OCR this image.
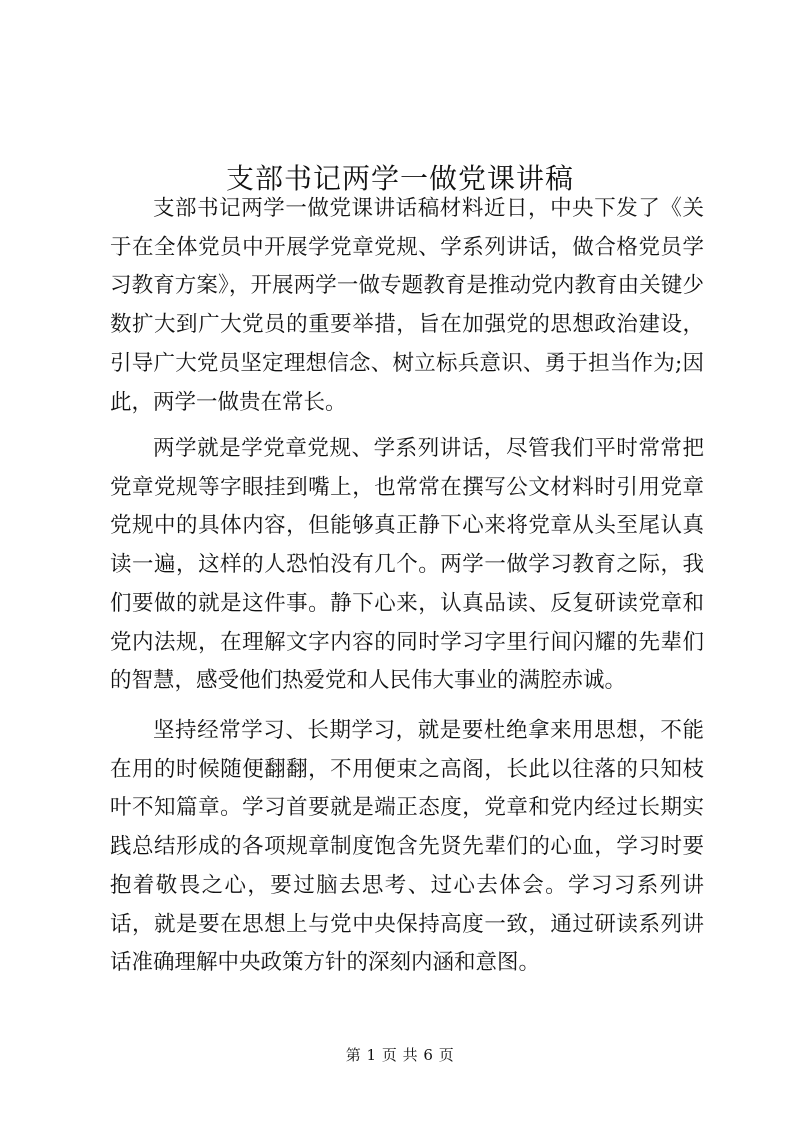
支部书记两学一做党课讲稿

支部书记两学一做党课讲话稿材料近日，中央下发了《关于在全体党员中开展学党章党规、学系列讲话，做合格党员学习教育方案》，开展两学一做专题教育是推动党内教育由关键少数扩大到广大党员的重要举措，旨在加强党的思想政治建设，引导广大党员坚定理想信念、树立标兵意识、勇于担当作为;因此，两学一做贵在常长。

两学就是学党章党规、学系列讲话，尽管我们平时常常把党章党规等字眼挂到嘴上，也常常在撰写公文材料时引用党章党规中的具体内容，但能够真正静下心来将党章从头至尾认真读一遍，这样的人恐怕没有几个。两学一做学习教育之际，我们要做的就是这件事。静下心来，认真品读、反复研读党章和党内法规，在理解文字内容的同时学习字里行间闪耀的先辈们的智慧，感受他们热爱党和人民伟大事业的满腔赤诚。

坚持经常学习、长期学习，就是要杜绝拿来用思想，不能在用的时候随便翻翻，不用便束之高阁，长此以往落的只知枝叶不知篇章。学习首要就是端正态度，党章和党内经过长期实践总结形成的各项规章制度饱含先贤先辈们的心血，学习时要抱着敬畏之心，要过脑去思考、过心去体会。学习习系列讲话，就是要在思想上与党中央保持高度一致，通过研读系列讲话准确理解中央政策方针的深刻内涵和意图。

第 1 页 共 6 页
